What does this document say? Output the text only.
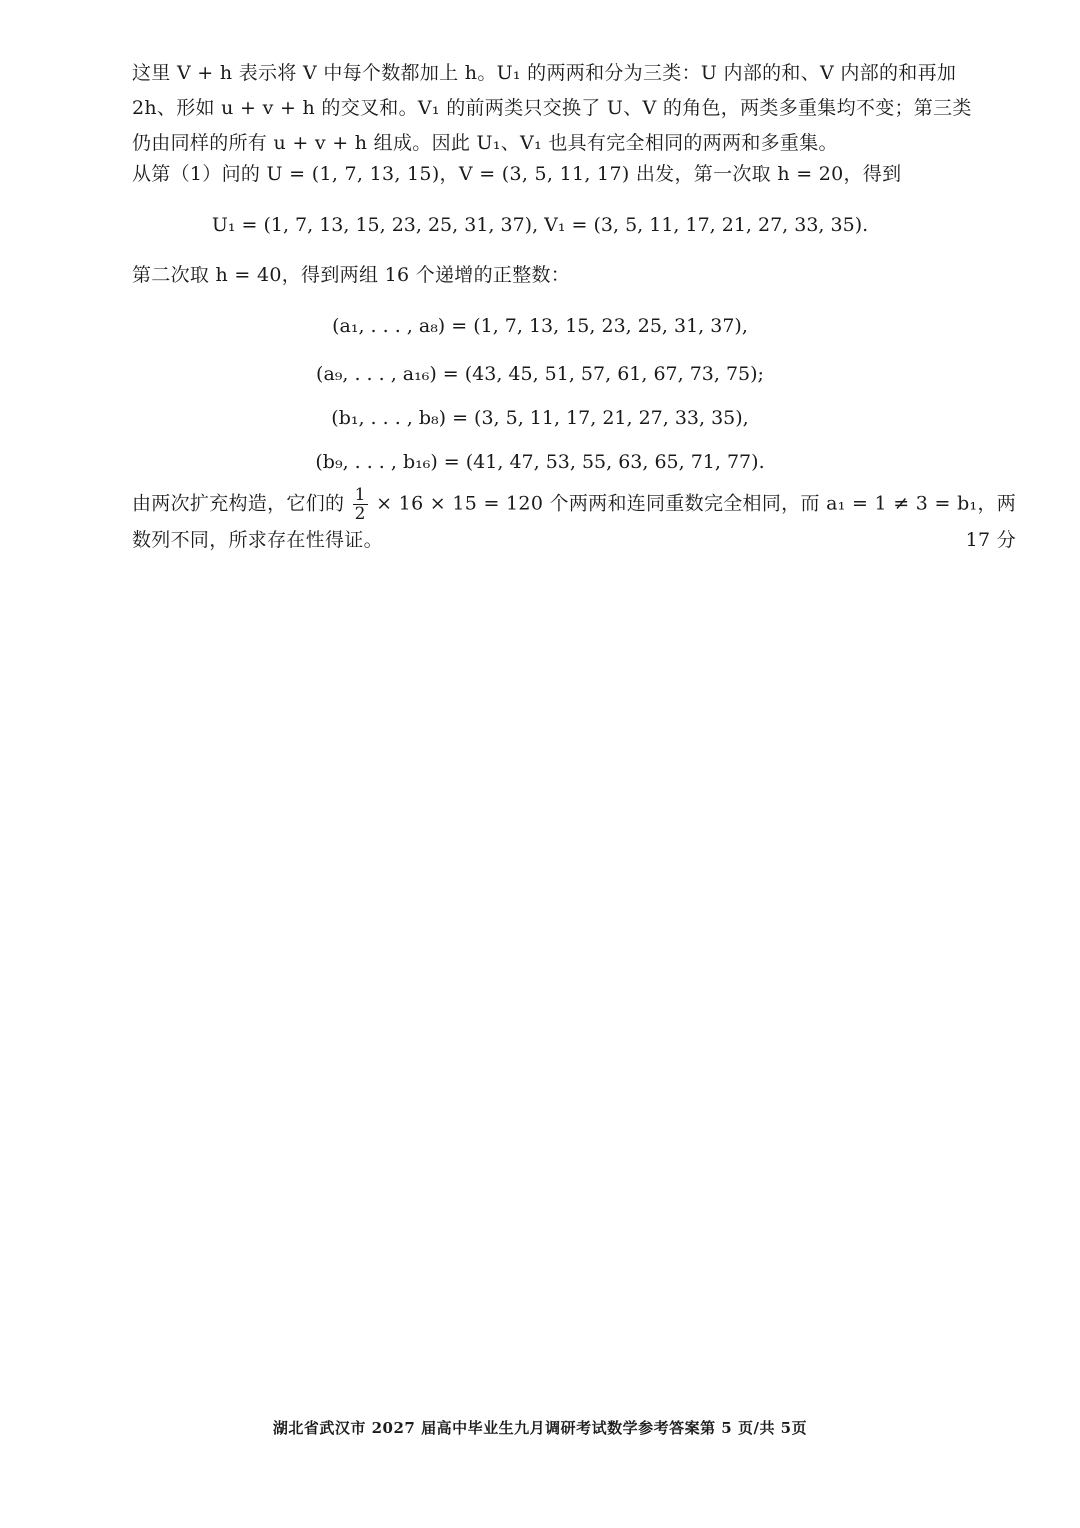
这里 V + h 表示将 V 中每个数都加上 h。U₁ 的两两和分为三类：U 内部的和、V 内部的和再加
2h、形如 u + v + h 的交叉和。V₁ 的前两类只交换了 U、V 的角色，两类多重集均不变；第三类
仍由同样的所有 u + v + h 组成。因此 U₁、V₁ 也具有完全相同的两两和多重集。
从第（1）问的 U = (1, 7, 13, 15)，V = (3, 5, 11, 17) 出发，第一次取 h = 20，得到
U₁ = (1, 7, 13, 15, 23, 25, 31, 37), V₁ = (3, 5, 11, 17, 21, 27, 33, 35).
第二次取 h = 40，得到两组 16 个递增的正整数：
(a₁, . . . , a₈) = (1, 7, 13, 15, 23, 25, 31, 37),
(a₉, . . . , a₁₆) = (43, 45, 51, 57, 61, 67, 73, 75);
(b₁, . . . , b₈) = (3, 5, 11, 17, 21, 27, 33, 35),
(b₉, . . . , b₁₆) = (41, 47, 53, 55, 63, 65, 71, 77).
由两次扩充构造，它们的 $\frac{1}{2} \times 16 \times 15 = 120$ 个两两和连同重数完全相同，而 a₁ = 1 ≠ 3 = b₁，两
数列不同，所求存在性得证。	17 分
湖北省武汉市 2027 届高中毕业生九月调研考试数学参考答案第 5 页/共 5页
